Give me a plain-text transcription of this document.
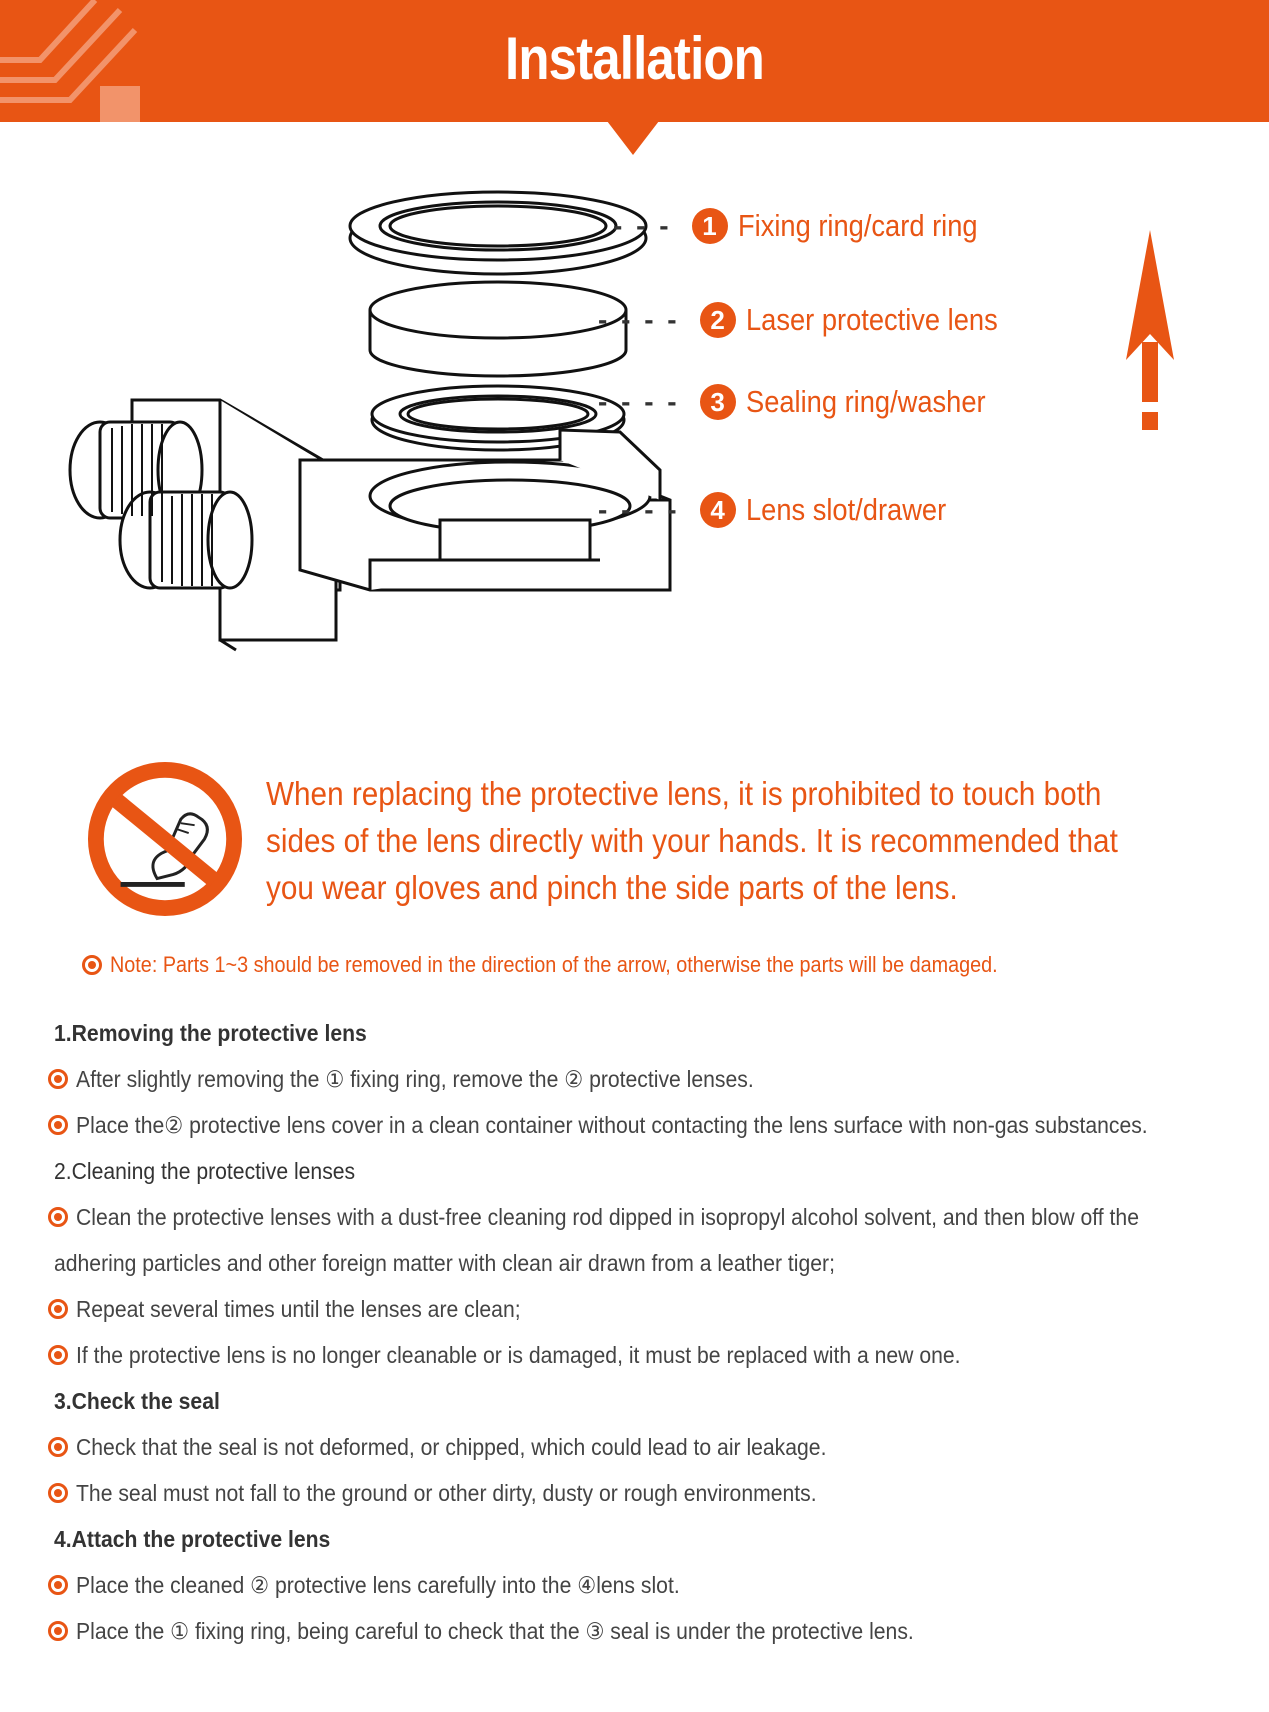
Installation
- - -	1 Fixing ring/card ring
- - - -	2 Laser protective lens
- - - -	3 Sealing ring/washer
- - - -	4 Lens slot/drawer
When replacing the protective lens, it is prohibited to touch both
sides of the lens directly with your hands. It is recommended that
you wear gloves and pinch the side parts of the lens.
Note: Parts 1~3 should be removed in the direction of the arrow, otherwise the parts will be damaged.
1.Removing the protective lens
After slightly removing the ① fixing ring, remove the ② protective lenses.
Place the② protective lens cover in a clean container without contacting the lens surface with non-gas substances.
2.Cleaning the protective lenses
Clean the protective lenses with a dust-free cleaning rod dipped in isopropyl alcohol solvent, and then blow off the
adhering particles and other foreign matter with clean air drawn from a leather tiger;
Repeat several times until the lenses are clean;
If the protective lens is no longer cleanable or is damaged, it must be replaced with a new one.
3.Check the seal
Check that the seal is not deformed, or chipped, which could lead to air leakage.
The seal must not fall to the ground or other dirty, dusty or rough environments.
4.Attach the protective lens
Place the cleaned ② protective lens carefully into the ④lens slot.
Place the ① fixing ring, being careful to check that the ③ seal is under the protective lens.
